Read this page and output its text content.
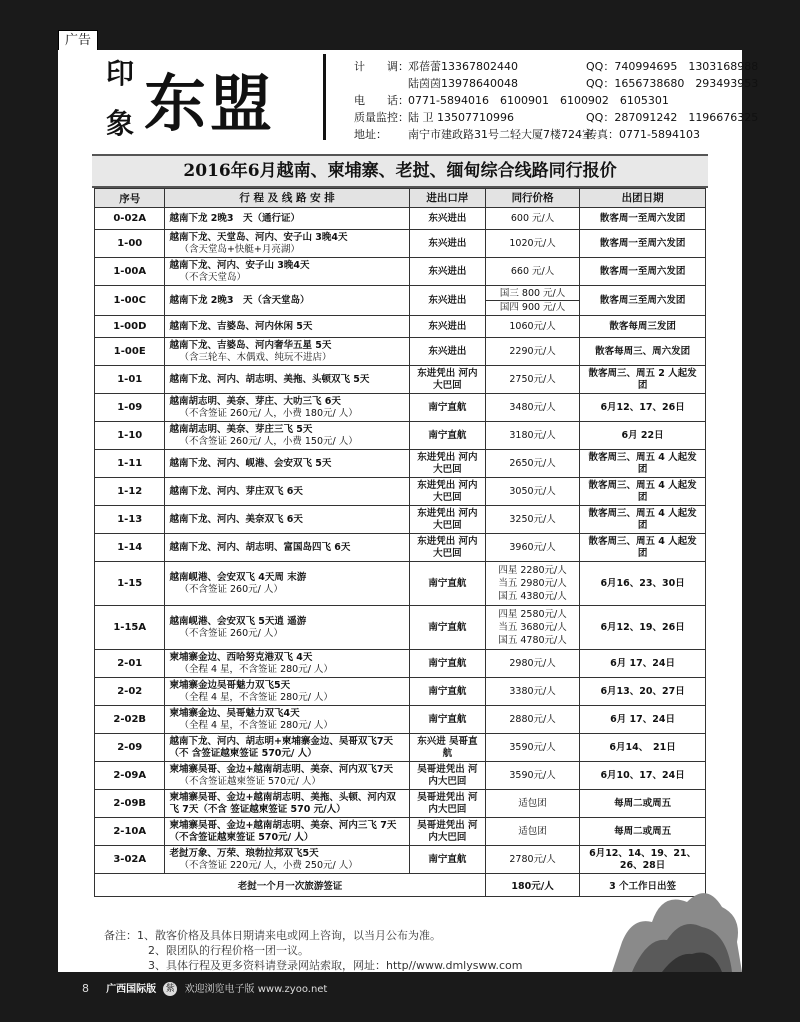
广告
印
象 东盟
计　　调：邓蓓蕾13367802440	QQ：740994695　1303168988
陆茵茵13978640048	QQ：1656738680　293493953
电　　话：0771-5894016　6100901　6100902　6105301
质量监控：陆 卫 13507710996	QQ：287091242　1196676325
地址： 南宁市建政路31号二轻大厦7楼724室传真：0771-5894103
2016年6月越南、柬埔寨、老挝、缅甸综合线路同行报价
序号	行 程 及 线 路 安 排	进出口岸	同行价格	出团日期
0-02A	越南下龙 2晚3　天（通行证）	东兴进出	600 元/人	散客周一至周六发团
1-00	越南下龙、天堂岛、河内、安子山 3晚4天
（含天堂岛+快艇+月亮湖）	东兴进出	1020元/人	散客周一至周六发团
1-00A	越南下龙、河内、安子山 3晚4天
（不含天堂岛）	东兴进出	660 元/人	散客周一至周六发团
1-00C	越南下龙 2晚3　天（含天堂岛）	东兴进出	国三 800 元/人
国四 900 元/人	散客周三至周六发团
1-00D	越南下龙、吉婆岛、河内休闲 5天	东兴进出	1060元/人	散客每周三发团
1-00E	越南下龙、吉婆岛、河内奢华五星 5天
（含三轮车、木偶戏、纯玩不进店）	东兴进出	2290元/人	散客每周三、周六发团
1-01	越南下龙、河内、胡志明、美拖、头顿双飞 5天	东进凭出 河内大巴回	2750元/人	散客周三、周五 2 人起发团
1-09	越南胡志明、美奈、芽庄、大叻三飞 6天
（不含签证 260元/ 人，小费 180元/ 人）	南宁直航	3480元/人	6月12、17、26日
1-10	越南胡志明、美奈、芽庄三飞 5天
（不含签证 260元/ 人，小费 150元/ 人）	南宁直航	3180元/人	6月 22日
1-11	越南下龙、河内、岘港、会安双飞 5天	东进凭出 河内大巴回	2650元/人	散客周三、周五 4 人起发团
1-12	越南下龙、河内、芽庄双飞 6天	东进凭出 河内大巴回	3050元/人	散客周三、周五 4 人起发团
1-13	越南下龙、河内、美奈双飞 6天	东进凭出 河内大巴回	3250元/人	散客周三、周五 4 人起发团
1-14	越南下龙、河内、胡志明、富国岛四飞 6天	东进凭出 河内大巴回	3960元/人	散客周三、周五 4 人起发团
1-15	越南岘港、会安双飞 4天周 末游
（不含签证 260元/ 人）	南宁直航	四星 2280元/人
当五 2980元/人
国五 4380元/人	6月16、23、30日
1-15A	越南岘港、会安双飞 5天逍 遥游
（不含签证 260元/ 人）	南宁直航	四星 2580元/人
当五 3680元/人
国五 4780元/人	6月12、19、26日
2-01	柬埔寨金边、西哈努克港双飞 4天
（全程 4 星，不含签证 280元/ 人）	南宁直航	2980元/人	6月 17、24日
2-02	柬埔寨金边吴哥魅力双飞5天
（全程 4 星，不含签证 280元/ 人）	南宁直航	3380元/人	6月13、20、27日
2-02B	柬埔寨金边、吴哥魅力双飞4天
（全程 4 星，不含签证 280元/ 人）	南宁直航	2880元/人	6月 17、24日
2-09	越南下龙、河内、胡志明+柬埔寨金边、吴哥双飞7天（不 含签证越柬签证 570元/ 人）	东兴进 吴哥直航	3590元/人	6月14、　21日
2-09A	柬埔寨吴哥、金边+越南胡志明、美奈、河内双飞7天
（不含签证越柬签证 570元/ 人）	吴哥进凭出 河内大巴回	3590元/人	6月10、17、24日
2-09B	柬埔寨吴哥、金边+越南胡志明、美拖、头顿、河内双飞 7天（不含 签证越柬签证 570 元/人）	吴哥进凭出 河内大巴回	适包团	每周二或周五
2-10A	柬埔寨吴哥、金边+越南胡志明、美奈、河内三飞 7天（不含签证越柬签证 570元/ 人）	吴哥进凭出 河内大巴回	适包团	每周二或周五
3-02A	老挝万象、万荣、琅勃拉邦双飞5天
（不含签证 220元/ 人，小费 250元/ 人）	南宁直航	2780元/人	6月12、14、19、21、26、28日
老挝一个月一次旅游签证			180元/人	3 个工作日出签
备注：1、散客价格及具体日期请来电或网上咨询，以当月公布为准。
2、限团队的行程价格一团一议。
3、具体行程及更多资料请登录网站索取，网址：http//www.dmlysww.com
8 广西国际版 紫 欢迎浏览电子版 www.zyoo.net
